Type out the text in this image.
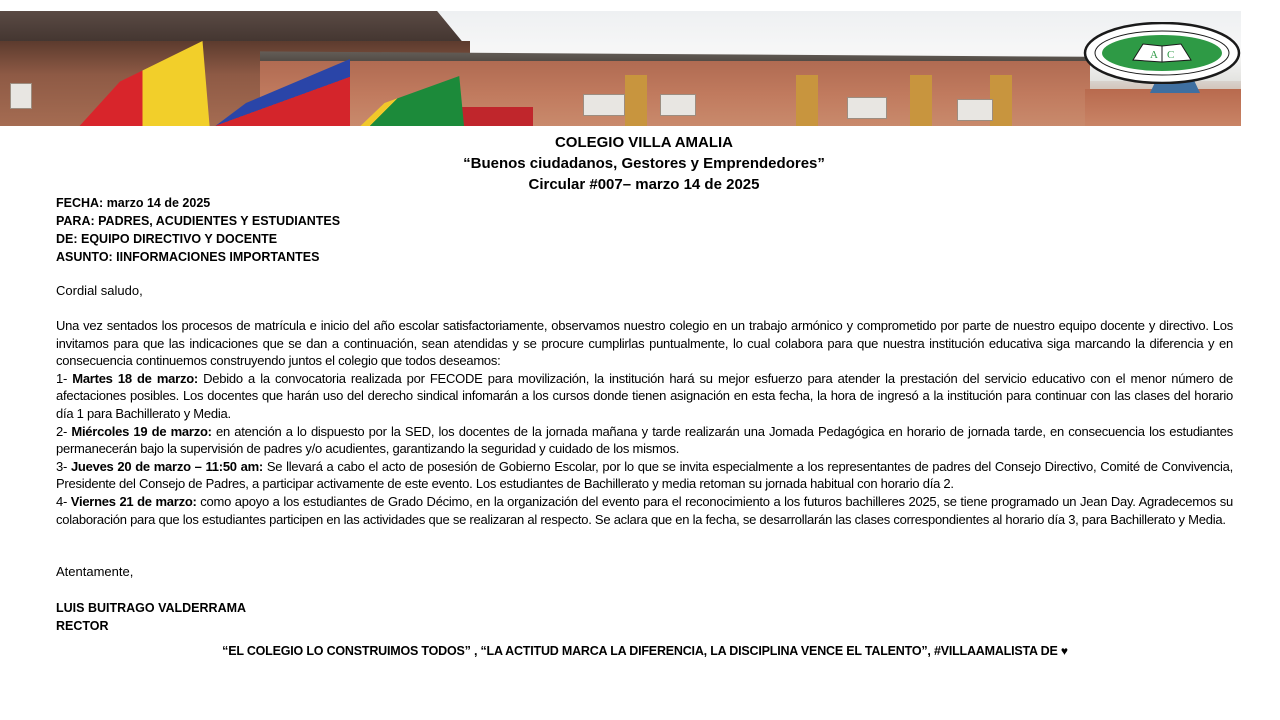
A C
COLEGIO VILLA AMALIA
“Buenos ciudadanos, Gestores y Emprendedores”
Circular #007– marzo 14 de 2025
FECHA: marzo 14 de 2025
PARA: PADRES, ACUDIENTES Y ESTUDIANTES
DE: EQUIPO DIRECTIVO Y DOCENTE
ASUNTO: IINFORMACIONES IMPORTANTES
Cordial saludo,

Una vez sentados los procesos de matrícula e inicio del año escolar satisfactoriamente, observamos nuestro colegio en un trabajo armónico y comprometido por parte de nuestro equipo docente y directivo. Los invitamos para que las indicaciones que se dan a continuación, sean atendidas y se procure cumplirlas puntualmente, lo cual colabora para que nuestra institución educativa siga marcando la diferencia y en consecuencia continuemos construyendo juntos el colegio que todos deseamos:

1- Martes 18 de marzo: Debido a la convocatoria realizada por FECODE para movilización, la institución hará su mejor esfuerzo para atender la prestación del servicio educativo con el menor número de afectaciones posibles. Los docentes que harán uso del derecho sindical infomarán a los cursos donde tienen asignación en esta fecha, la hora de ingresó a la institución para continuar con las clases del horario día 1 para Bachillerato y Media.

2- Miércoles 19 de marzo: en atención a lo dispuesto por la SED, los docentes de la jornada mañana y tarde realizarán una Jomada Pedagógica en horario de jornada tarde, en consecuencia los estudiantes permanecerán bajo la supervisión de padres y/o acudientes, garantizando la seguridad y cuidado de los mismos.

3- Jueves 20 de marzo – 11:50 am: Se llevará a cabo el acto de posesión de Gobierno Escolar, por lo que se invita especialmente a los representantes de padres del Consejo Directivo, Comité de Convivencia, Presidente del Consejo de Padres, a participar activamente de este evento. Los estudiantes de Bachillerato y media retoman su jornada habitual con horario día 2.

4- Viernes 21 de marzo: como apoyo a los estudiantes de Grado Décimo, en la organización del evento para el reconocimiento a los futuros bachilleres 2025, se tiene programado un Jean Day. Agradecemos su colaboración para que los estudiantes participen en las actividades que se realizaran al respecto. Se aclara que en la fecha, se desarrollarán las clases correspondientes al horario día 3, para Bachillerato y Media.

Atentamente,
LUIS BUITRAGO VALDERRAMA
RECTOR
“EL COLEGIO LO CONSTRUIMOS TODOS” , “LA ACTITUD MARCA LA DIFERENCIA, LA DISCIPLINA VENCE EL TALENTO”, #VILLAAMALISTA DE ♥
